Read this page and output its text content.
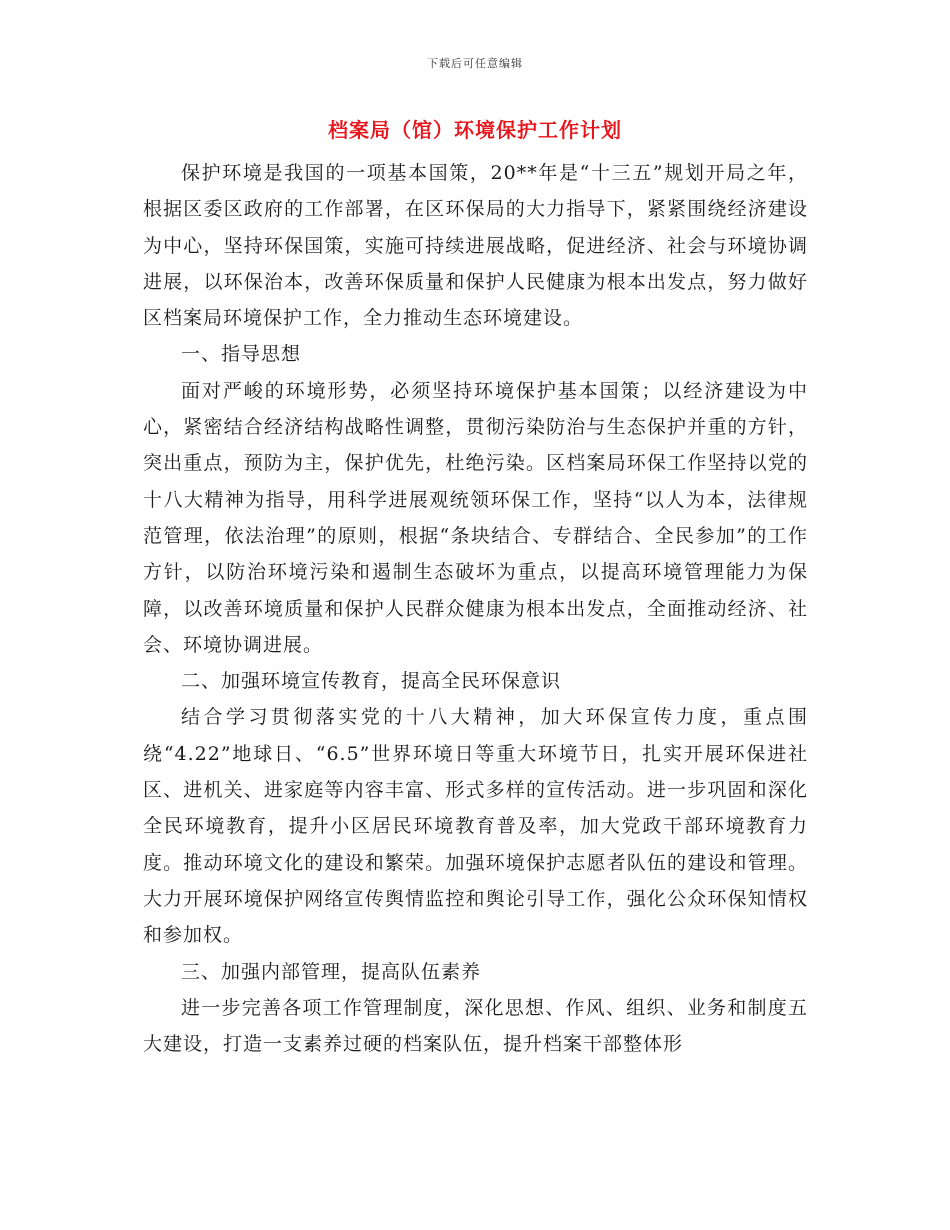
下载后可任意编辑
档案局（馆）环境保护工作计划

保护环境是我国的一项基本国策，20**年是“十三五”规划开局之年，根据区委区政府的工作部署，在区环保局的大力指导下，紧紧围绕经济建设为中心，坚持环保国策，实施可持续进展战略，促进经济、社会与环境协调进展，以环保治本，改善环保质量和保护人民健康为根本出发点，努力做好区档案局环境保护工作，全力推动生态环境建设。

一、指导思想

面对严峻的环境形势，必须坚持环境保护基本国策；以经济建设为中心，紧密结合经济结构战略性调整，贯彻污染防治与生态保护并重的方针，突出重点，预防为主，保护优先，杜绝污染。区档案局环保工作坚持以党的十八大精神为指导，用科学进展观统领环保工作，坚持“以人为本，法律规范管理，依法治理”的原则，根据“条块结合、专群结合、全民参加”的工作方针，以防治环境污染和遏制生态破坏为重点，以提高环境管理能力为保障，以改善环境质量和保护人民群众健康为根本出发点，全面推动经济、社会、环境协调进展。

二、加强环境宣传教育，提高全民环保意识

结合学习贯彻落实党的十八大精神，加大环保宣传力度，重点围绕“4.22”地球日、“6.5”世界环境日等重大环境节日，扎实开展环保进社区、进机关、进家庭等内容丰富、形式多样的宣传活动。进一步巩固和深化全民环境教育，提升小区居民环境教育普及率，加大党政干部环境教育力度。推动环境文化的建设和繁荣。加强环境保护志愿者队伍的建设和管理。大力开展环境保护网络宣传舆情监控和舆论引导工作，强化公众环保知情权和参加权。

三、加强内部管理，提高队伍素养

进一步完善各项工作管理制度，深化思想、作风、组织、业务和制度五大建设，打造一支素养过硬的档案队伍，提升档案干部整体形
